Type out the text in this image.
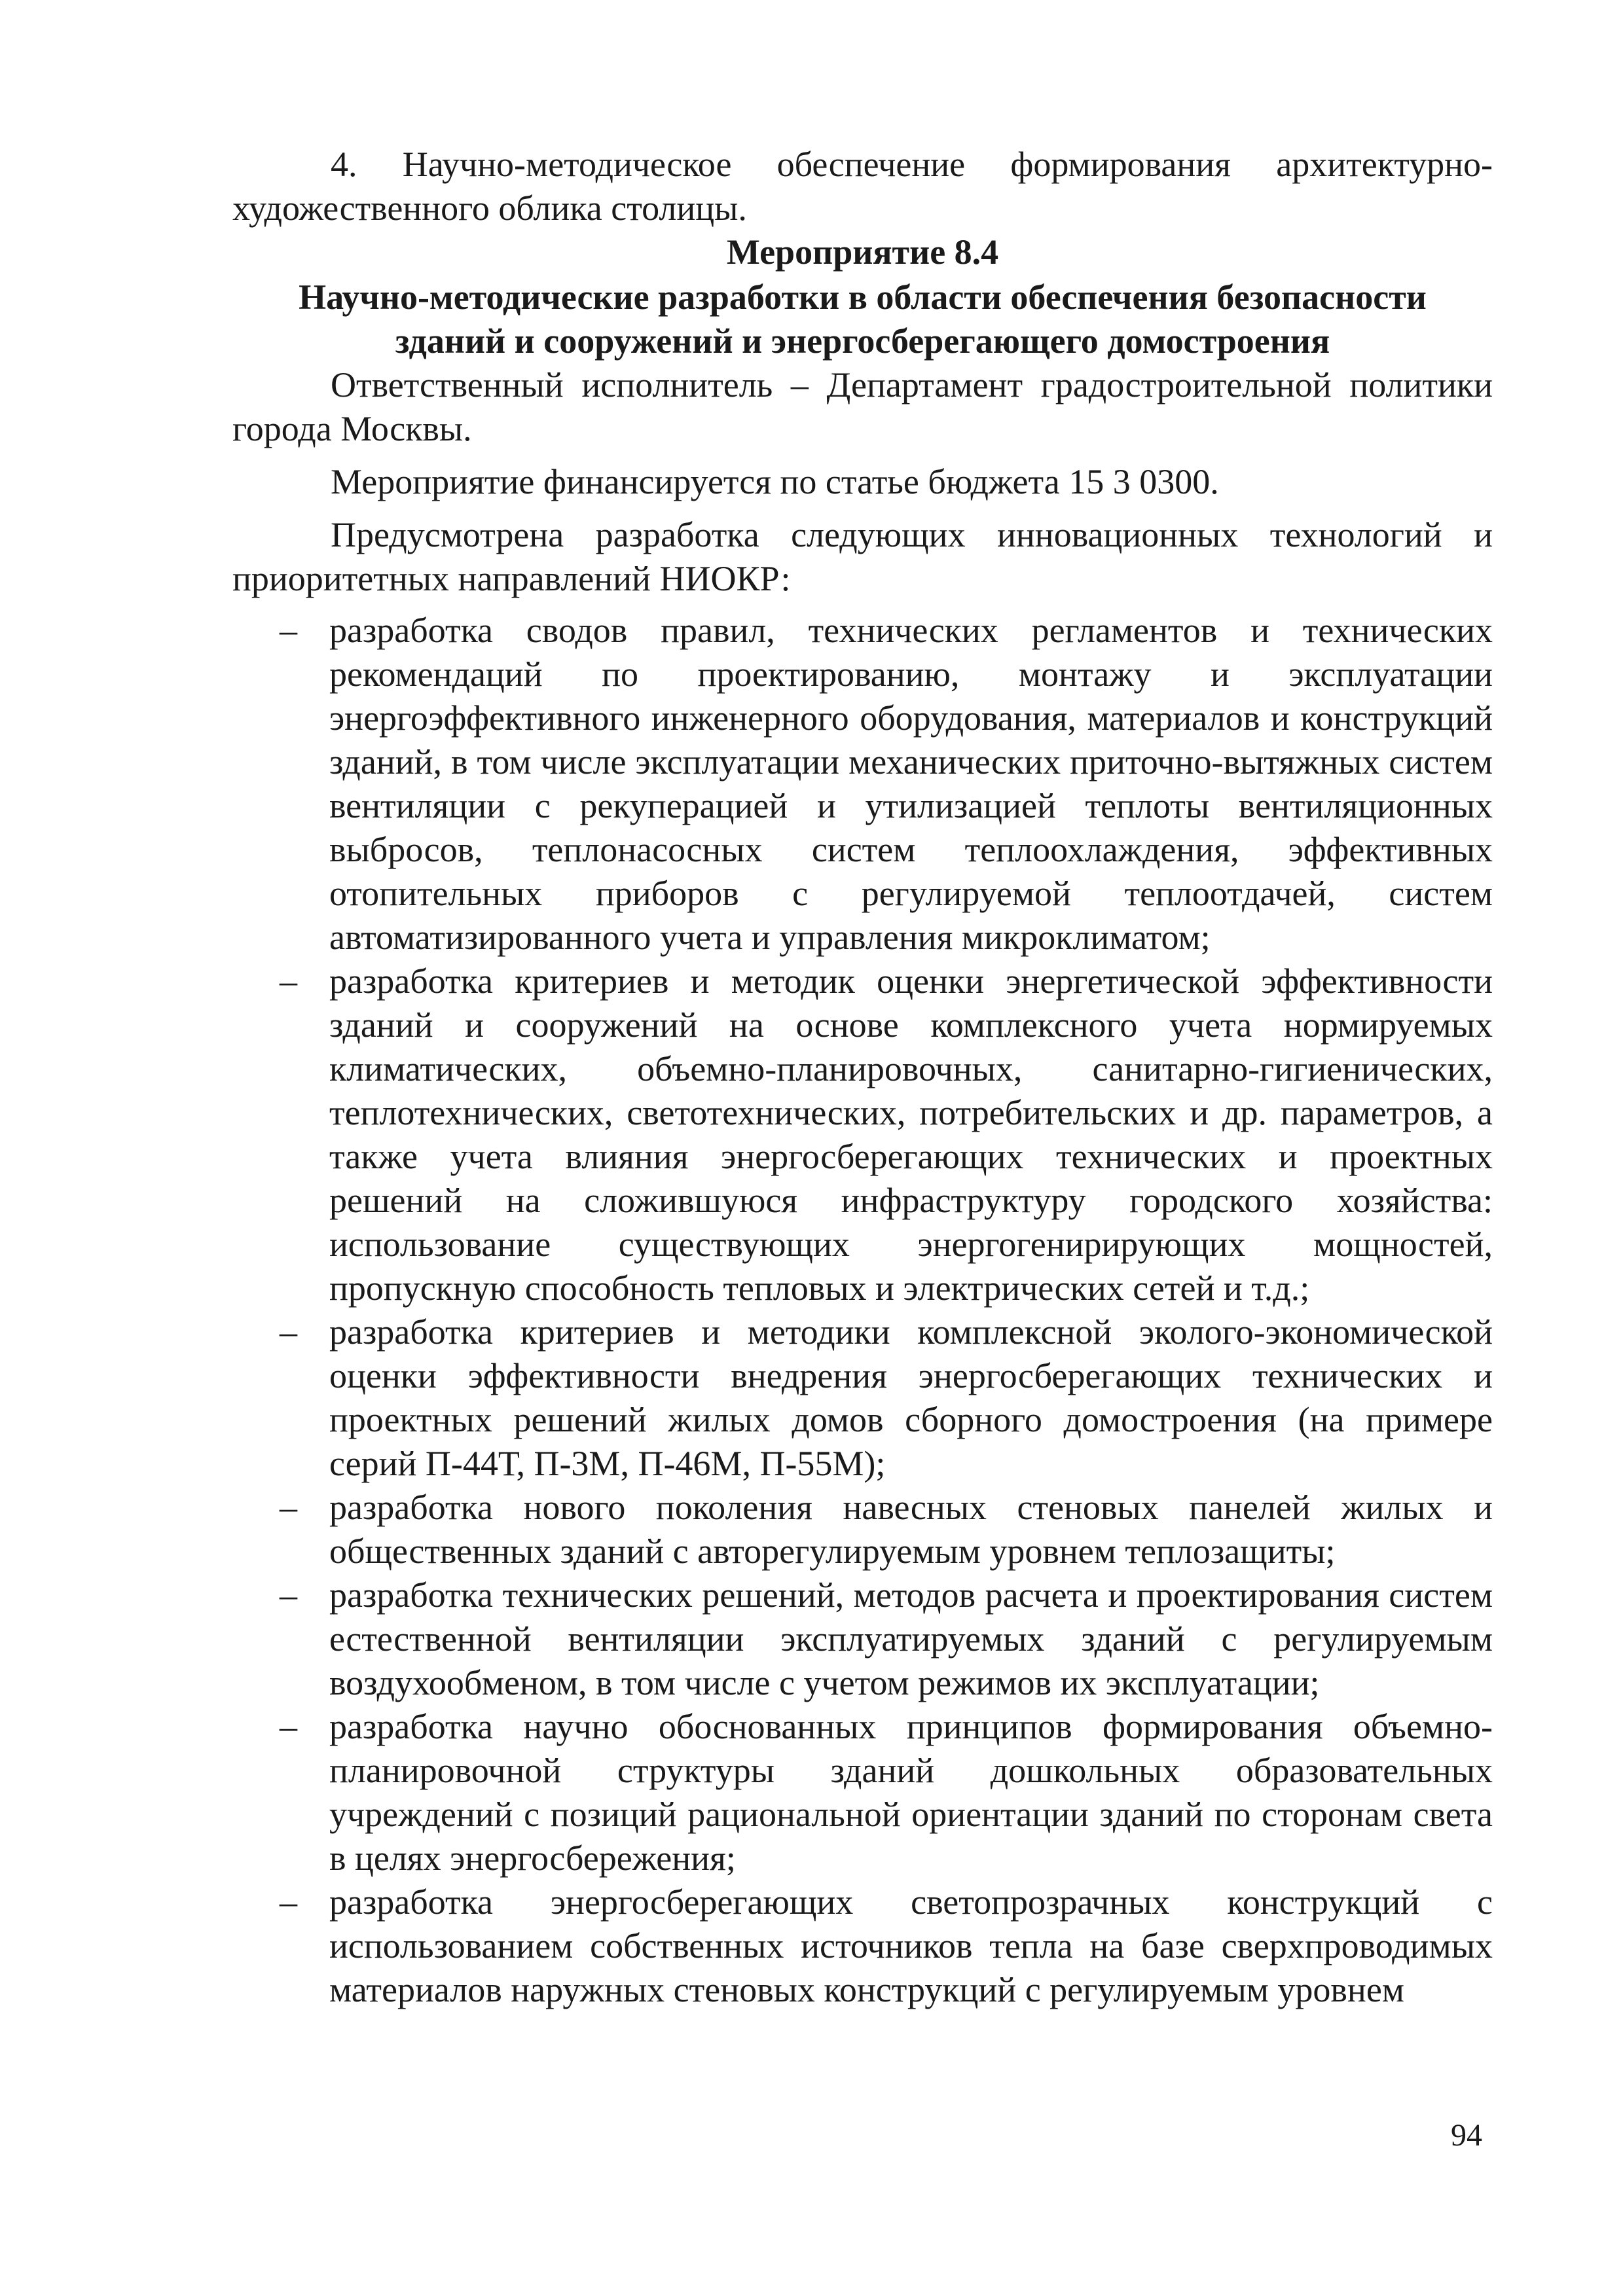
4. Научно-методическое обеспечение формирования архитектурно-художественного облика столицы.

Мероприятие 8.4
Научно-методические разработки в области обеспечения безопасности
зданий и сооружений и энергосберегающего домостроения

Ответственный исполнитель – Департамент градостроительной политики города Москвы.

Мероприятие финансируется по статье бюджета 15 3 0300.

Предусмотрена разработка следующих инновационных технологий и приоритетных направлений НИОКР:

– разработка сводов правил, технических регламентов и технических рекомендаций по проектированию, монтажу и эксплуатации энергоэффективного инженерного оборудования, материалов и конструкций зданий, в том числе эксплуатации механических приточно-вытяжных систем вентиляции с рекуперацией и утилизацией теплоты вентиляционных выбросов, теплонасосных систем теплоохлаждения, эффективных отопительных приборов с регулируемой теплоотдачей, систем автоматизированного учета и управления микроклиматом;
– разработка критериев и методик оценки энергетической эффективности зданий и сооружений на основе комплексного учета нормируемых климатических, объемно-планировочных, санитарно-гигиенических, теплотехнических, светотехнических, потребительских и др. параметров, а также учета влияния энергосберегающих технических и проектных решений на сложившуюся инфраструктуру городского хозяйства: использование существующих энергогенирирующих мощностей, пропускную способность тепловых и электрических сетей и т.д.;
– разработка критериев и методики комплексной эколого-экономической оценки эффективности внедрения энергосберегающих технических и проектных решений жилых домов сборного домостроения (на примере серий П-44Т, П-3М, П-46М, П-55М);
– разработка нового поколения навесных стеновых панелей жилых и общественных зданий с авторегулируемым уровнем теплозащиты;
– разработка технических решений, методов расчета и проектирования систем естественной вентиляции эксплуатируемых зданий с регулируемым воздухообменом, в том числе с учетом режимов их эксплуатации;
– разработка научно обоснованных принципов формирования объемно-планировочной структуры зданий дошкольных образовательных учреждений с позиций рациональной ориентации зданий по сторонам света в целях энергосбережения;
– разработка энергосберегающих светопрозрачных конструкций с использованием собственных источников тепла на базе сверхпроводимых материалов наружных стеновых конструкций с регулируемым уровнем
94
